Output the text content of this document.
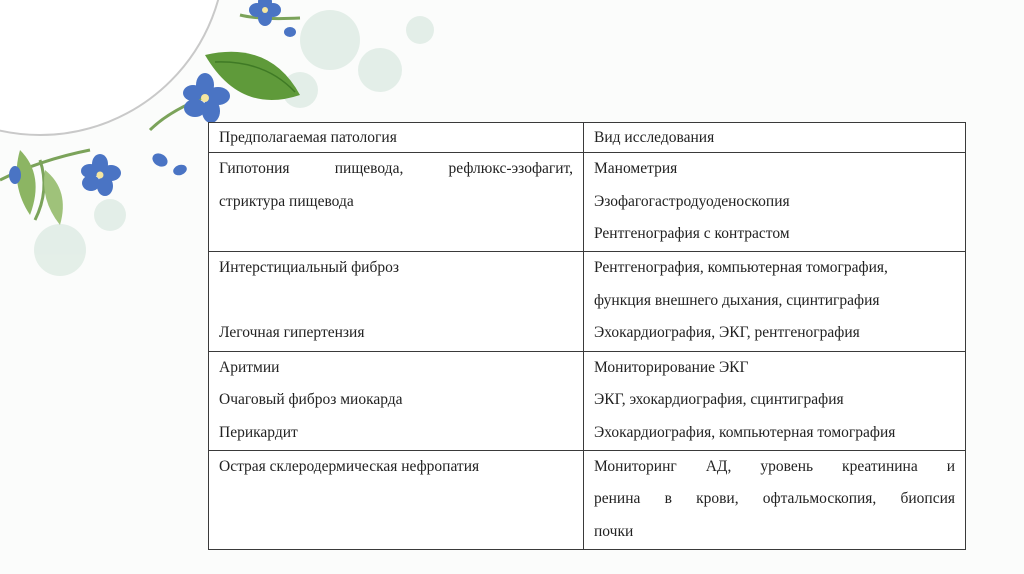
Предполагаемая патология	Вид исследования

Гипотония пищевода, рефлюкс-эзофагит,
стриктура пищевода	Манометрия
Эзофагогастродуоденоскопия
Рентгенография с контрастом

Интерстициальный фиброз
Легочная гипертензия	Рентгенография, компьютерная томография,
функция внешнего дыхания, сцинтиграфия
Эхокардиография, ЭКГ, рентгенография

Аритмии
Очаговый фиброз миокарда
Перикардит	Мониторирование ЭКГ
ЭКГ, эхокардиография, сцинтиграфия
Эхокардиография, компьютерная томография

Острая склеродермическая нефропатия	Мониторинг АД, уровень креатинина и
ренина в крови, офтальмоскопия, биопсия
почки
